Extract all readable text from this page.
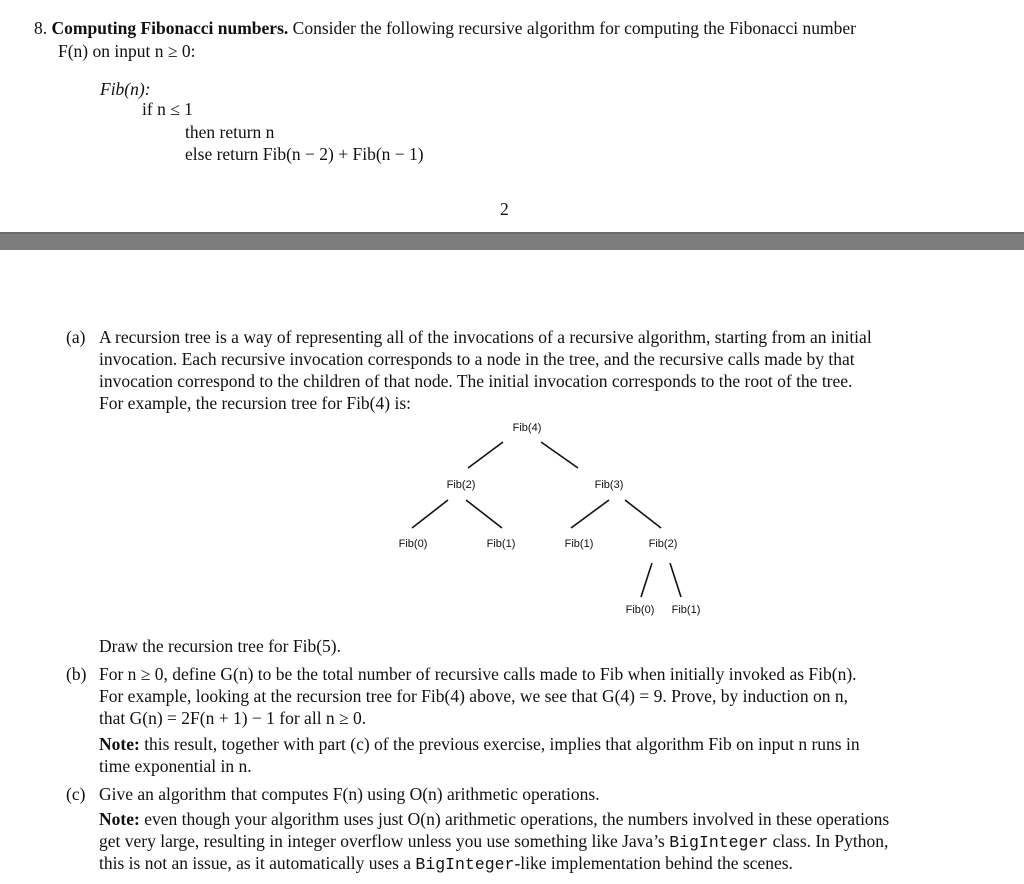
8. Computing Fibonacci numbers. Consider the following recursive algorithm for computing the Fibonacci number
F(n) on input n ≥ 0:
Fib(n):
if n ≤ 1
then return n
else return Fib(n − 2) + Fib(n − 1)
2
(a) A recursion tree is a way of representing all of the invocations of a recursive algorithm, starting from an initial
invocation. Each recursive invocation corresponds to a node in the tree, and the recursive calls made by that
invocation correspond to the children of that node. The initial invocation corresponds to the root of the tree.
For example, the recursion tree for Fib(4) is:
Fib(4)
Fib(2)	Fib(3)
Fib(0)	Fib(1)	Fib(1)	Fib(2)
Fib(0) Fib(1)
Draw the recursion tree for Fib(5).
(b) For n ≥ 0, define G(n) to be the total number of recursive calls made to Fib when initially invoked as Fib(n).
For example, looking at the recursion tree for Fib(4) above, we see that G(4) = 9. Prove, by induction on n,
that G(n) = 2F(n + 1) − 1 for all n ≥ 0.
Note: this result, together with part (c) of the previous exercise, implies that algorithm Fib on input n runs in
time exponential in n.
(c) Give an algorithm that computes F(n) using O(n) arithmetic operations.
Note: even though your algorithm uses just O(n) arithmetic operations, the numbers involved in these operations
get very large, resulting in integer overflow unless you use something like Java’s BigInteger class. In Python,
this is not an issue, as it automatically uses a BigInteger-like implementation behind the scenes.
